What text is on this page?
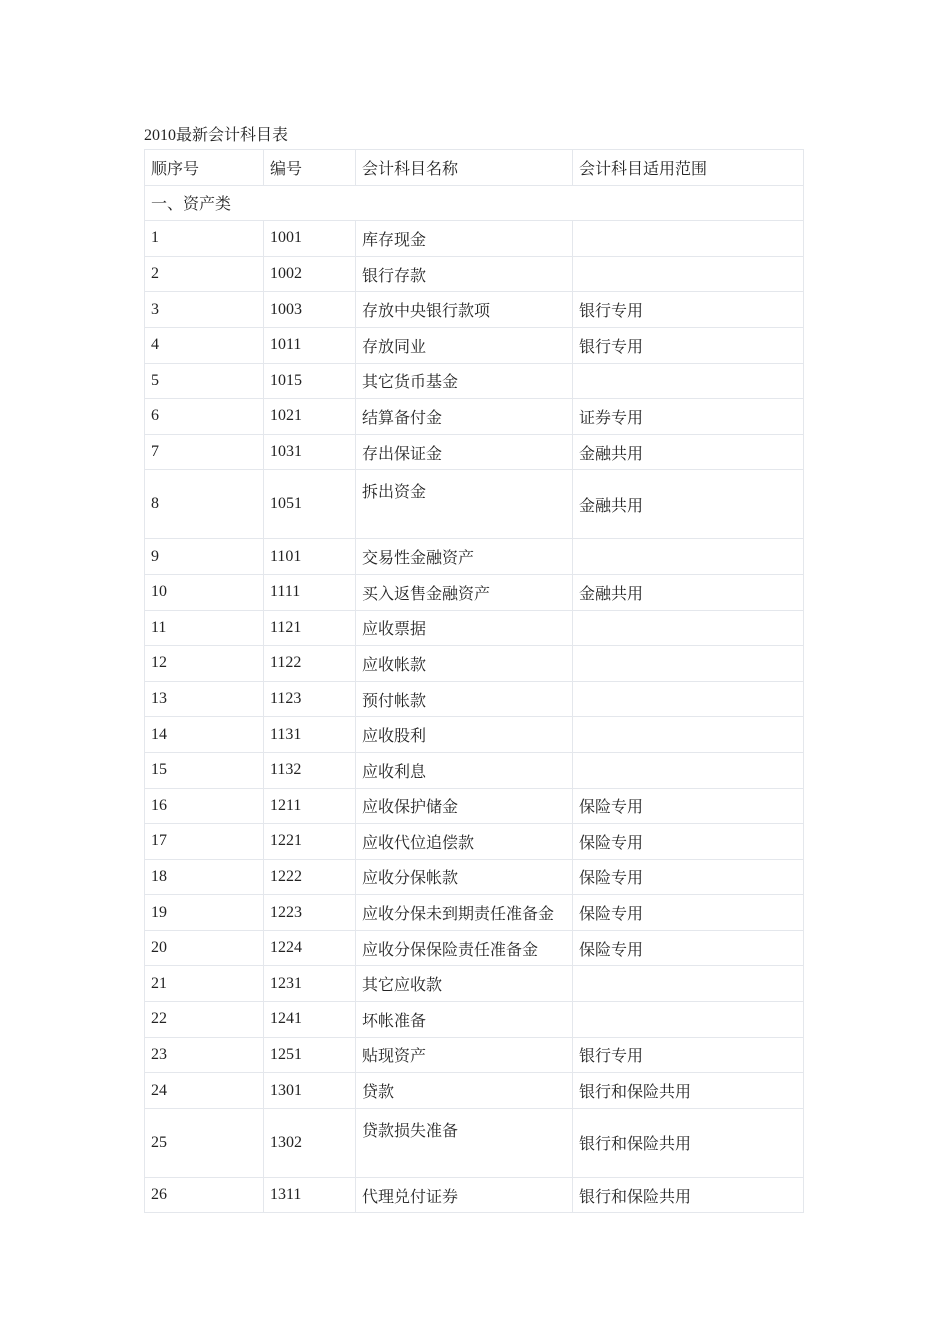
2010最新会计科目表
顺序号	编号	会计科目名称	会计科目适用范围
一、资产类			
1	1001	库存现金	
2	1002	银行存款	
3	1003	存放中央银行款项	银行专用
4	1011	存放同业	银行专用
5	1015	其它货币基金	
6	1021	结算备付金	证券专用
7	1031	存出保证金	金融共用
8	1051	拆出资金	金融共用
9	1101	交易性金融资产	
10	1111	买入返售金融资产	金融共用
11	1121	应收票据	
12	1122	应收帐款	
13	1123	预付帐款	
14	1131	应收股利	
15	1132	应收利息	
16	1211	应收保护储金	保险专用
17	1221	应收代位追偿款	保险专用
18	1222	应收分保帐款	保险专用
19	1223	应收分保未到期责任准备金	保险专用
20	1224	应收分保保险责任准备金	保险专用
21	1231	其它应收款	
22	1241	坏帐准备	
23	1251	贴现资产	银行专用
24	1301	贷款	银行和保险共用
25	1302	贷款损失准备	银行和保险共用
26	1311	代理兑付证券	银行和保险共用
